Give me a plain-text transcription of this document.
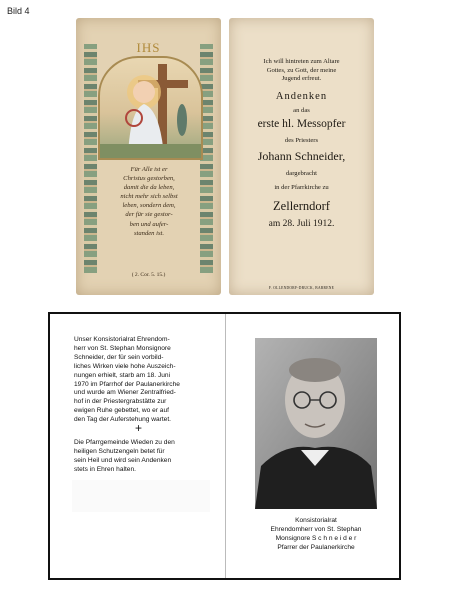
Bild 4
IHS
Für Alle ist er
Christus gestorben,
damit die da leben,
nicht mehr sich selbst
leben, sondern dem,
der für sie gestor-
ben und aufer-
standen ist.
( 2. Cor. 5. 15.)
Ich will hintreten zum Altare
Gottes, zu Gott, der meine
Jugend erfreut.
Andenken
an das
erste hl. Messopfer
des Priesters
Johann Schneider,
dargebracht
in der Pfarrkirche zu
Zellerndorf
am 28. Juli 1912.
F. OLLENDORF-DRUCK, BARRENE
Unser Konsistorialrat Ehrendom-
herr von St. Stephan Monsignore
Schneider, der für sein vorbild-
liches Wirken viele hohe Auszeich-
nungen erhielt, starb am 18. Juni
1970 im Pfarrhof der Paulanerkirche
und wurde am Wiener Zentralfried-
hof in der Priestergrabstätte zur
ewigen Ruhe gebettet, wo er auf
den Tag der Auferstehung wartet.
+
Die Pfarrgemeinde Wieden zu den
heiligen Schutzengeln betet für
sein Heil und wird sein Andenken
stets in Ehren halten.
Konsistorialrat
Ehrendomherr von St. Stephan
Monsignore S c h n e i d e r
Pfarrer der Paulanerkirche
